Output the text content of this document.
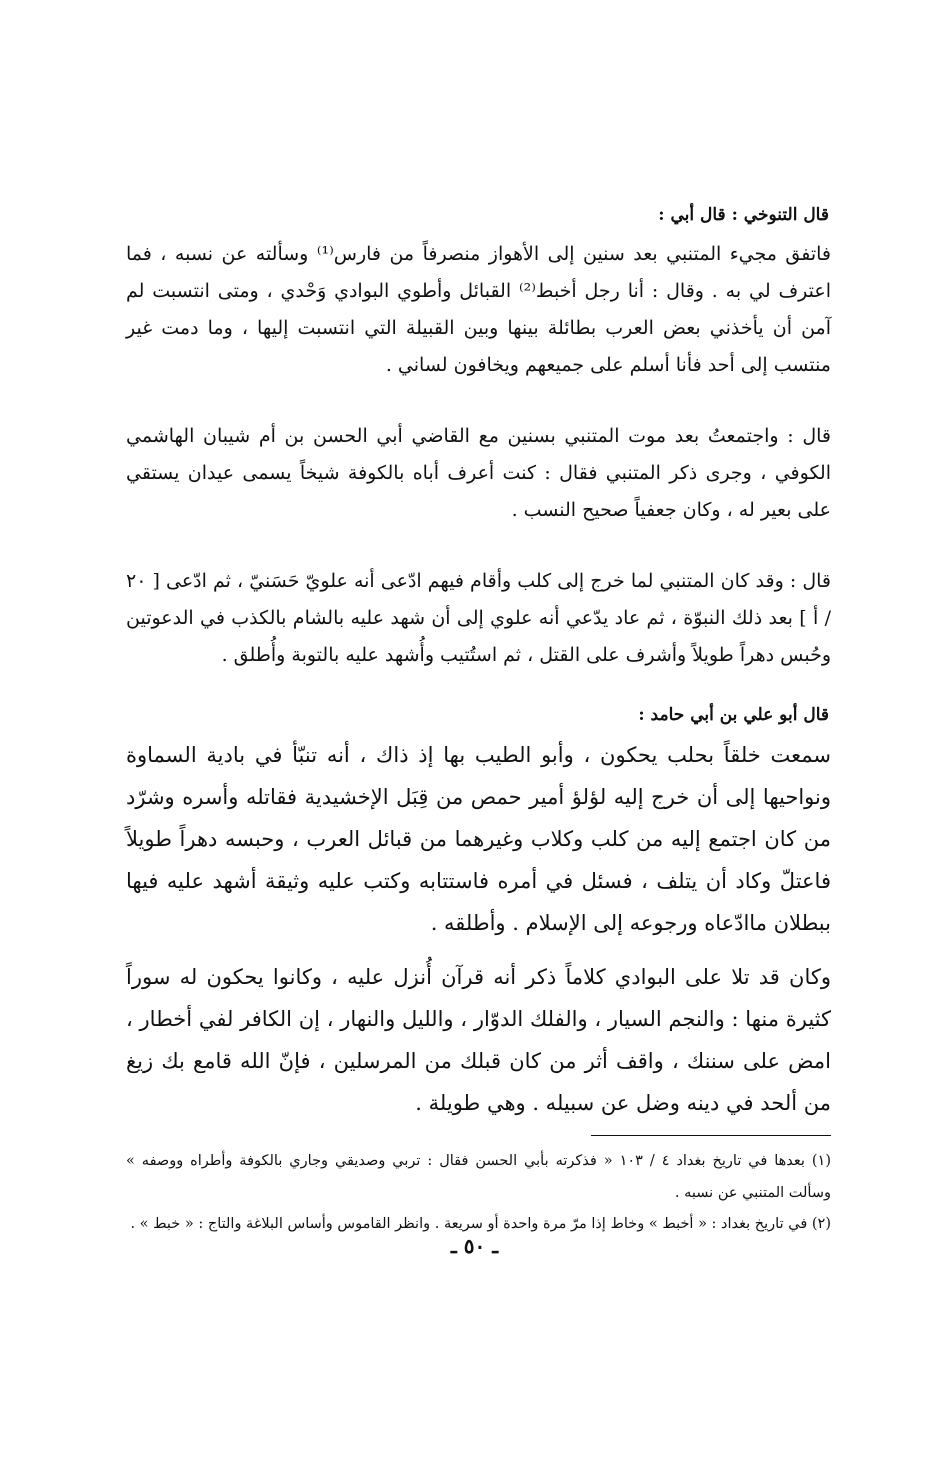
قال التنوخي : قال أبي :

فاتفق مجيء المتنبي بعد سنين إلى الأهواز منصرفاً من فارس⁽¹⁾ وسألته عن نسبه ، فما اعترف لي به . وقال : أنا رجل أخبط⁽²⁾ القبائل وأطوي البوادي وَحْدي ، ومتى انتسبت لم آمن أن يأخذني بعض العرب بطائلة بينها وبين القبيلة التي انتسبت إليها ، وما دمت غير منتسب إلى أحد فأنا أسلم على جميعهم ويخافون لساني .

قال : واجتمعتُ بعد موت المتنبي بسنين مع القاضي أبي الحسن بن أم شيبان الهاشمي الكوفي ، وجرى ذكر المتنبي فقال : كنت أعرف أباه بالكوفة شيخاً يسمى عيدان يستقي على بعير له ، وكان جعفياً صحيح النسب .

قال : وقد كان المتنبي لما خرج إلى كلب وأقام فيهم ادّعى أنه علويّ حَسَنيّ ، ثم ادّعى [ ٢٠ / أ ] بعد ذلك النبوّة ، ثم عاد يدّعي أنه علوي إلى أن شهد عليه بالشام بالكذب في الدعوتين وحُبس دهراً طويلاً وأشرف على القتل ، ثم استُتيب وأُشهد عليه بالتوبة وأُطلق .

قال أبو علي بن أبي حامد :

سمعت خلقاً بحلب يحكون ، وأبو الطيب بها إذ ذاك ، أنه تنبّأ في بادية السماوة ونواحيها إلى أن خرج إليه لؤلؤ أمير حمص من قِبَل الإخشيدية فقاتله وأسره وشرّد من كان اجتمع إليه من كلب وكلاب وغيرهما من قبائل العرب ، وحبسه دهراً طويلاً فاعتلّ وكاد أن يتلف ، فسئل في أمره فاستتابه وكتب عليه وثيقة أشهد عليه فيها ببطلان ماادّعاه ورجوعه إلى الإسلام . وأطلقه .

وكان قد تلا على البوادي كلاماً ذكر أنه قرآن أُنزل عليه ، وكانوا يحكون له سوراً كثيرة منها : والنجم السيار ، والفلك الدوّار ، والليل والنهار ، إن الكافر لفي أخطار ، امض على سننك ، واقف أثر من كان قبلك من المرسلين ، فإنّ الله قامع بك زيغ من ألحد في دينه وضل عن سبيله . وهي طويلة .

(١) بعدها في تاريخ بغداد ٤ / ١٠٣ « فذكرته بأبي الحسن فقال : تربي وصديقي وجاري بالكوفة وأطراه ووصفه » وسألت المتنبي عن نسبه .
(٢) في تاريخ بغداد : « أخبط » وخاط إذا مرّ مرة واحدة أو سريعة . وانظر القاموس وأساس البلاغة والتاج : « خبط » .
ـ ٥٠ ـ
